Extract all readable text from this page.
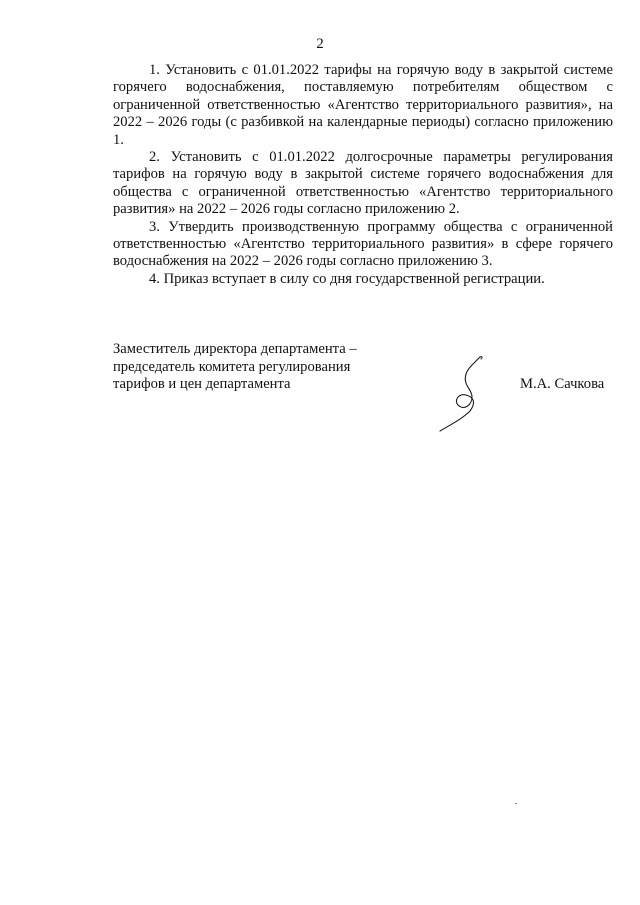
2

1. Установить с 01.01.2022 тарифы на горячую воду в закрытой системе горячего водоснабжения, поставляемую потребителям обществом с ограниченной ответственностью «Агентство территориального развития», на 2022 – 2026 годы (с разбивкой на календарные периоды) согласно приложению 1.

2. Установить с 01.01.2022 долгосрочные параметры регулирования тарифов на горячую воду в закрытой системе горячего водоснабжения для общества с ограниченной ответственностью «Агентство территориального развития» на 2022 – 2026 годы согласно приложению 2.

3. Утвердить производственную программу общества с ограниченной ответственностью «Агентство территориального развития» в сфере горячего водоснабжения на 2022 – 2026 годы согласно приложению 3.

4. Приказ вступает в силу со дня государственной регистрации.

Заместитель директора департамента –
председатель комитета регулирования
тарифов и цен департамента	М.А. Сачкова
